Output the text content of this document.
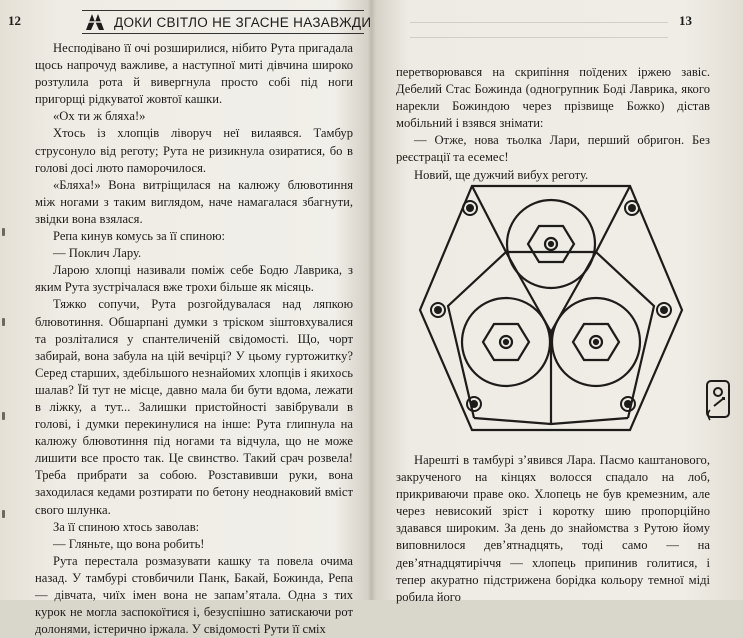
12	ДОКИ СВІТЛО НЕ ЗГАСНЕ НАЗАВЖДИ

Несподівано її очі розширилися, нібито Рута пригадала щось напрочуд важливе, а наступної миті дівчина широко розтулила рота й вивергнула просто собі під ноги пригорщі рідкуватої жовтої кашки.

«Ох ти ж бляха!»

Хтось із хлопців ліворуч неї вилаявся. Тамбур струсонуло від реготу; Рута не ризикнула озиратися, бо в голові досі люто паморочилося.

«Бляха!» Вона витріщилася на калюжу блювотиння між ногами з таким виглядом, наче намагалася збагнути, звідки вона взялася.

Репа кинув комусь за її спиною:

— Поклич Лару.

Ларою хлопці називали поміж себе Бодю Лаврика, з яким Рута зустрічалася вже трохи більше як місяць.

Тяжко сопучи, Рута розгойдувалася над ляпкою блювотиння. Обшарпані думки з тріском зіштовхувалися та розліталися у спантеличеній свідомості. Що, чорт забирай, вона забула на цій вечірці? У цьому гуртожитку? Серед старших, здебільшого незнайомих хлопців і якихось шалав? Їй тут не місце, давно мала би бути вдома, лежати в ліжку, а тут... Залишки пристойності завібрували в голові, і думки перекинулися на інше: Рута глипнула на калюжу блювотиння під ногами та відчула, що не може лишити все просто так. Це свинство. Такий срач розвела! Треба прибрати за собою. Розставивши руки, вона заходилася кедами розтирати по бетону неоднаковий вміст свого шлунка.

За її спиною хтось заволав:

— Гляньте, що вона робить!

Рута перестала розмазувати кашку та повела очима назад. У тамбурі стовбичили Панк, Бакай, Божинда, Репа — дівчата, чиїх імен вона не запам’ятала. Одна з тих курок не могла заспокоїтися і, безуспішно затискаючи рот долонями, істерично іржала. У свідомості Рути її сміх

13

перетворювався на скрипіння поїдених іржею завіс. Дебелий Стас Божинда (одногрупник Боді Лаврика, якого нарекли Божиндою через прізвище Божко) дістав мобільний і взявся знімати:

— Отже, нова тьолка Лари, перший обригон. Без реєстрації та есемес!

Новий, ще дужчий вибух реготу.

Нарешті в тамбурі з’явився Лара. Пасмо каштанового, закрученого на кінцях волосся спадало на лоб, прикриваючи праве око. Хлопець не був кремезним, але через невисокий зріст і коротку шию пропорційно здавався широким. За день до знайомства з Рутою йому виповнилося дев’ятнадцять, тоді само — на дев’ятнадцятиріччя — хлопець припинив голитися, і тепер акуратно підстрижена борідка кольору темної міді робила його
